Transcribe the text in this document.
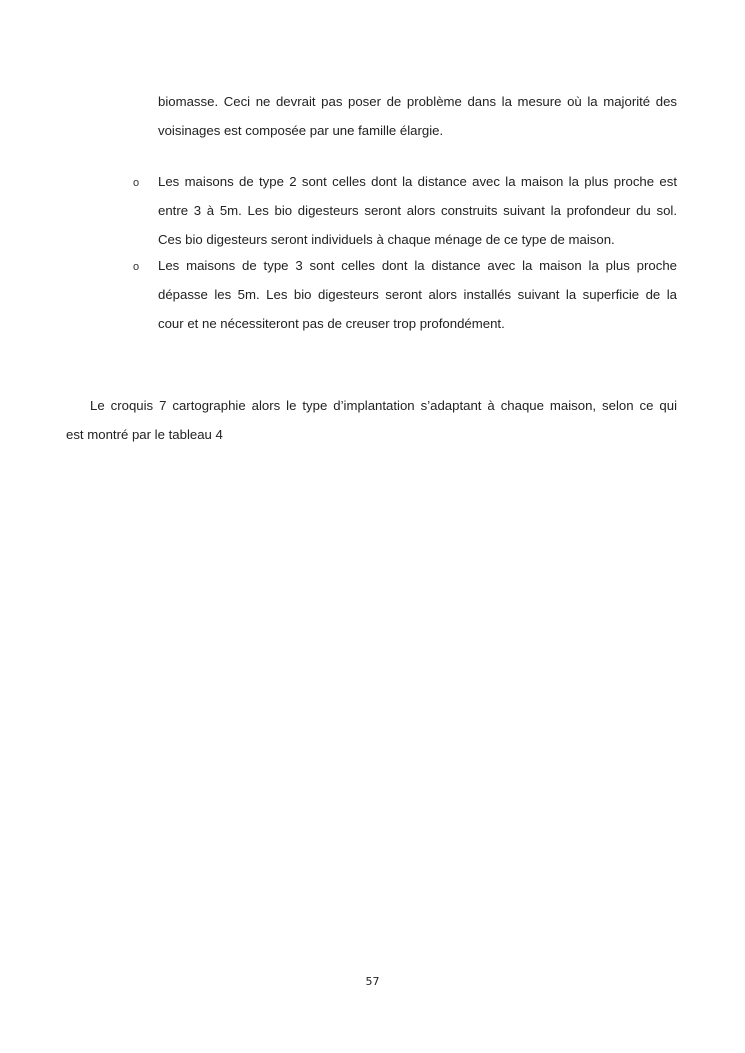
biomasse. Ceci ne devrait pas poser de problème dans la mesure où la majorité des
voisinages est composée par une famille élargie.
o Les maisons de type 2 sont celles dont la distance avec la maison la plus proche est
entre 3 à 5m. Les bio digesteurs seront alors construits suivant la profondeur du sol.
Ces bio digesteurs seront individuels à chaque ménage de ce type de maison.
o Les maisons de type 3 sont celles dont la distance avec la maison la plus proche
dépasse les 5m. Les bio digesteurs seront alors installés suivant la superficie de la
cour et ne nécessiteront pas de creuser trop profondément.
Le croquis 7 cartographie alors le type d’implantation s’adaptant à chaque maison, selon ce qui
est montré par le tableau 4
57
